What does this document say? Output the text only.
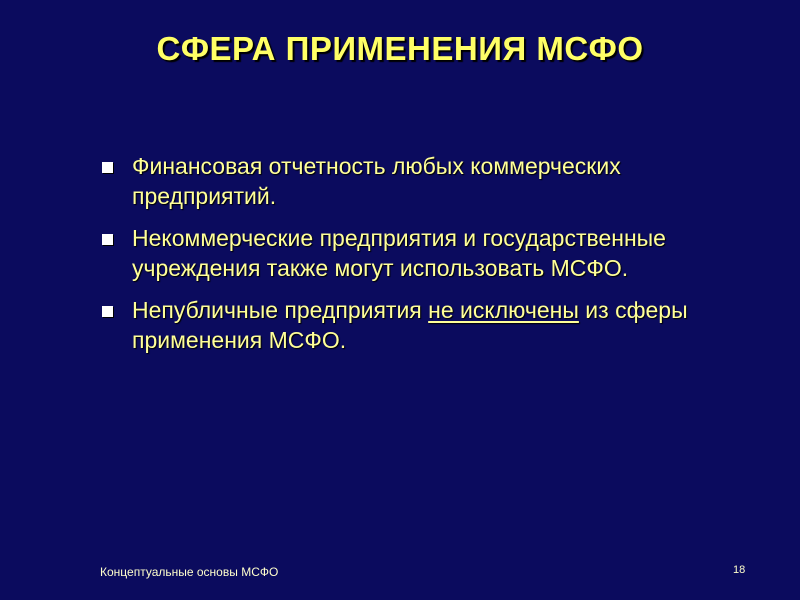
СФЕРА ПРИМЕНЕНИЯ МСФО
Финансовая отчетность любых коммерческих предприятий.
Некоммерческие предприятия и государственные учреждения также могут использовать МСФО.
Непубличные предприятия не исключены из сферы применения МСФО.
Концептуальные основы МСФО	18
